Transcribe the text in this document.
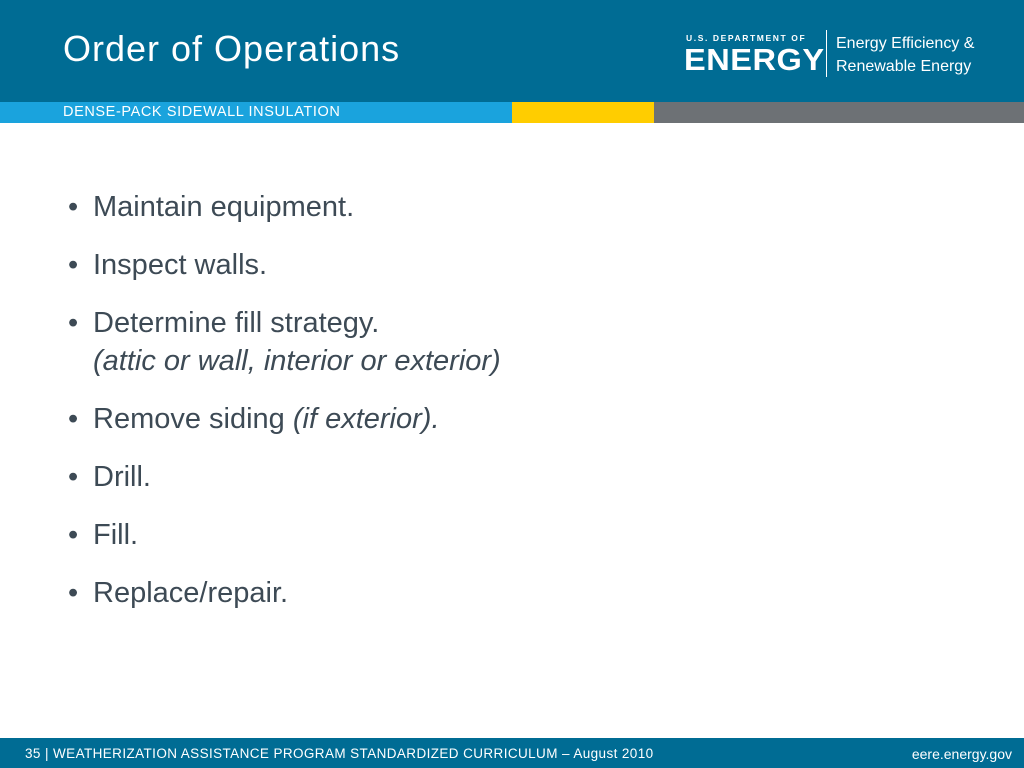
Order of Operations	U.S. DEPARTMENT OF
ENERGY Energy Efficiency &
Renewable Energy
DENSE-PACK SIDEWALL INSULATION
• Maintain equipment.
• Inspect walls.
• Determine fill strategy.
(attic or wall, interior or exterior)
• Remove siding (if exterior).
• Drill.
• Fill.
• Replace/repair.
35 | WEATHERIZATION ASSISTANCE PROGRAM STANDARDIZED CURRICULUM – August 2010	eere.energy.gov
